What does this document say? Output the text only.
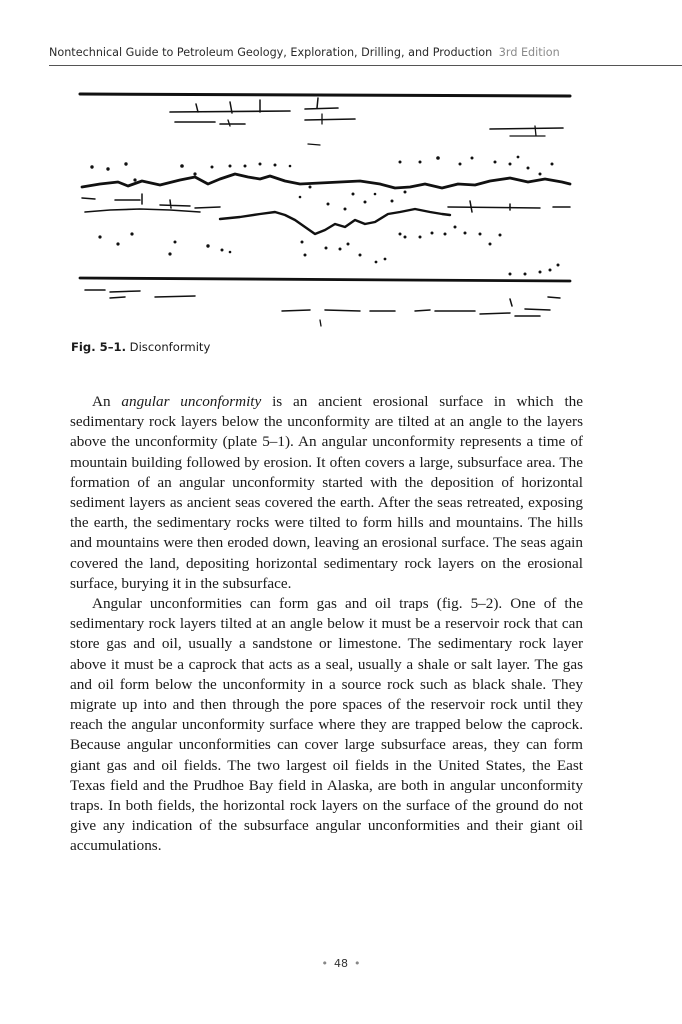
Nontechnical Guide to Petroleum Geology, Exploration, Drilling, and Production 3rd Edition
Fig. 5–1. Disconformity

An angular unconformity is an ancient erosional surface in which the sedimentary rock layers below the unconformity are tilted at an angle to the layers above the unconformity (plate 5–1). An angular unconformity represents a time of mountain building followed by erosion. It often covers a large, subsurface area. The formation of an angular unconformity started with the deposition of horizontal sediment layers as ancient seas covered the earth. After the seas retreated, exposing the earth, the sedimentary rocks were tilted to form hills and mountains. The hills and mountains were then eroded down, leaving an erosional surface. The seas again covered the land, depositing horizontal sedimentary rock layers on the erosional surface, burying it in the subsurface.

Angular unconformities can form gas and oil traps (fig. 5–2). One of the sedimentary rock layers tilted at an angle below it must be a reservoir rock that can store gas and oil, usually a sandstone or limestone. The sedimentary rock layer above it must be a caprock that acts as a seal, usually a shale or salt layer. The gas and oil form below the unconformity in a source rock such as black shale. They migrate up into and then through the pore spaces of the reservoir rock until they reach the angular unconformity surface where they are trapped below the caprock. Because angular unconformities can cover large subsurface areas, they can form giant gas and oil fields. The two largest oil fields in the United States, the East Texas field and the Prudhoe Bay field in Alaska, are both in angular unconformity traps. In both fields, the horizontal rock layers on the surface of the ground do not give any indication of the subsurface angular unconformities and their giant oil accumulations.

• 48 •
